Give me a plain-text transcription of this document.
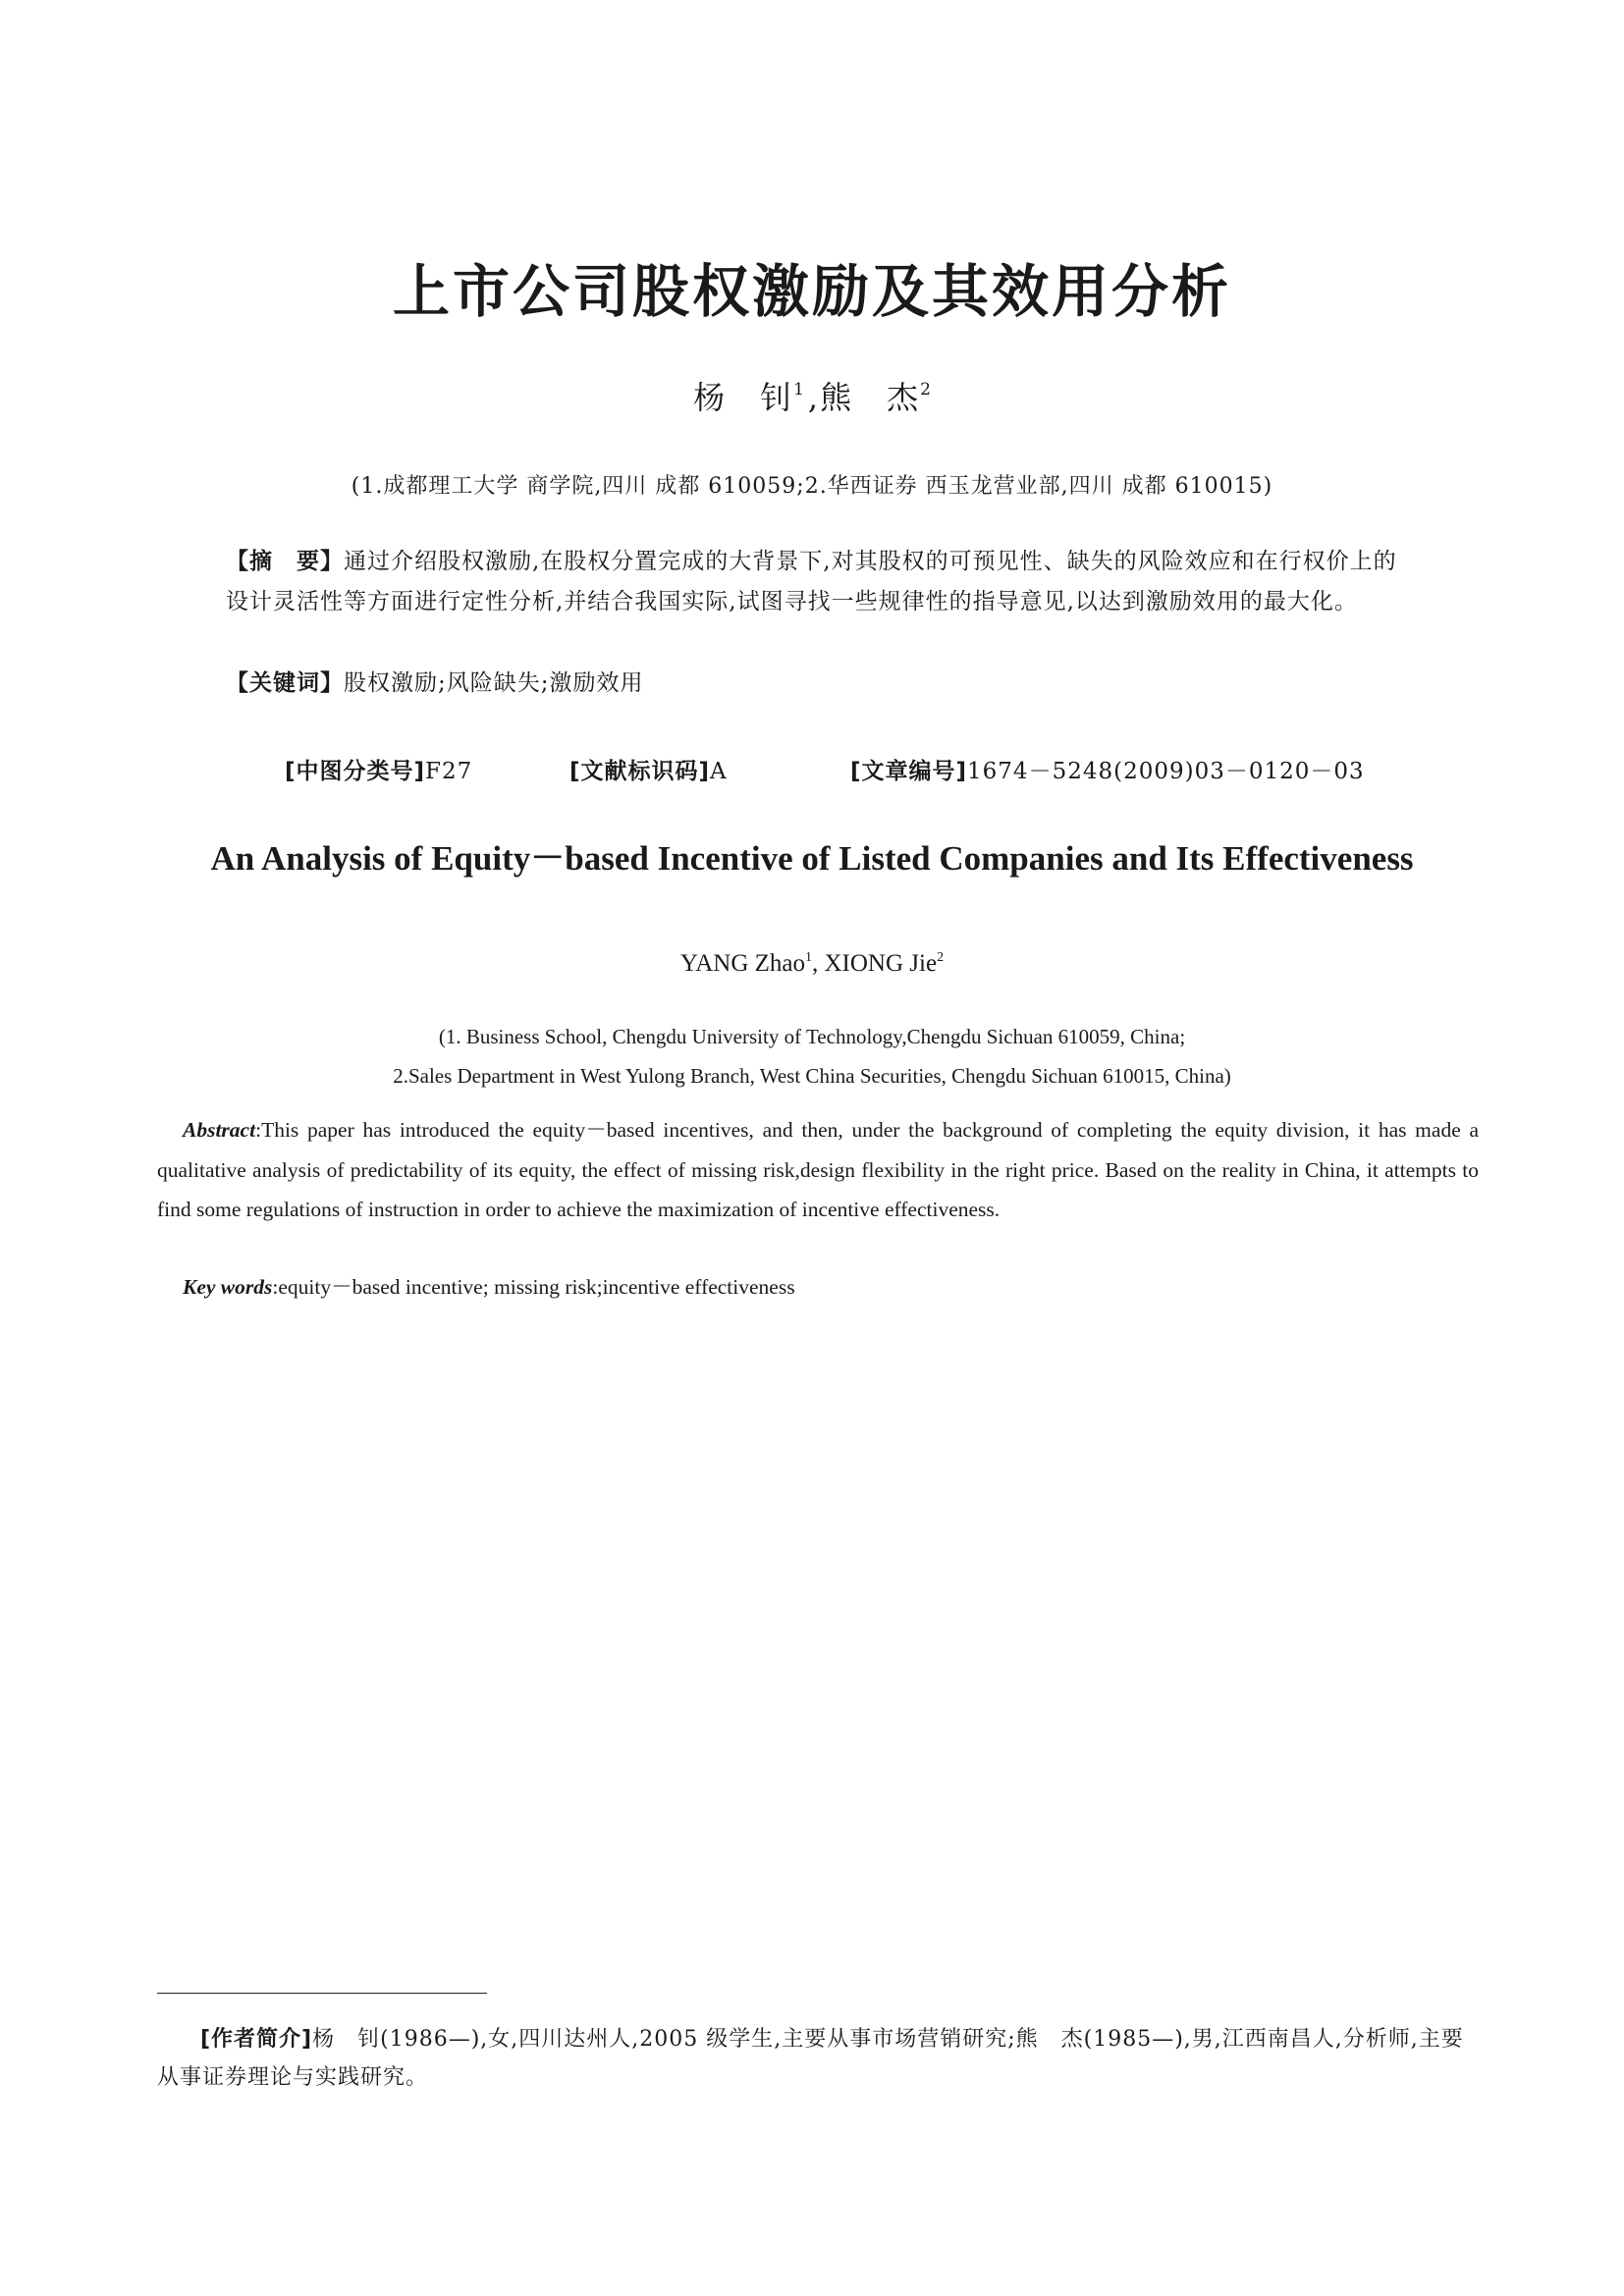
上市公司股权激励及其效用分析
杨　钊$^1$ ,熊　杰$^2$
(1.成都理工大学 商学院,四川 成都 610059;2.华西证券 西玉龙营业部,四川 成都 610015)
【摘　要】通过介绍股权激励,在股权分置完成的大背景下,对其股权的可预见性、缺失的风险效应和在行权价上的设计灵活性等方面进行定性分析,并结合我国实际,试图寻找一些规律性的指导意见,以达到激励效用的最大化。
【关键词】股权激励;风险缺失;激励效用
[中图分类号]F27	[文献标识码]A	[文章编号]1674－5248(2009)03－0120－03
An Analysis of Equity－based Incentive of Listed Companies and Its Effectiveness
YANG Zhao$^1$, XIONG Jie$^2$
(1. Business School, Chengdu University of Technology,Chengdu Sichuan 610059, China;
2.Sales Department in West Yulong Branch, West China Securities, Chengdu Sichuan 610015, China)
Abstract:This paper has introduced the equity－based incentives, and then, under the background of completing the equity division, it has made a qualitative analysis of predictability of its equity, the effect of missing risk,design flexibility in the right price. Based on the reality in China, it attempts to find some regulations of instruction in order to achieve the maximization of incentive effectiveness.
Key words:equity－based incentive; missing risk;incentive effectiveness
[作者简介]杨　钊(1986—),女,四川达州人,2005 级学生,主要从事市场营销研究;熊　杰(1985—),男,江西南昌人,分析师,主要从事证券理论与实践研究。
